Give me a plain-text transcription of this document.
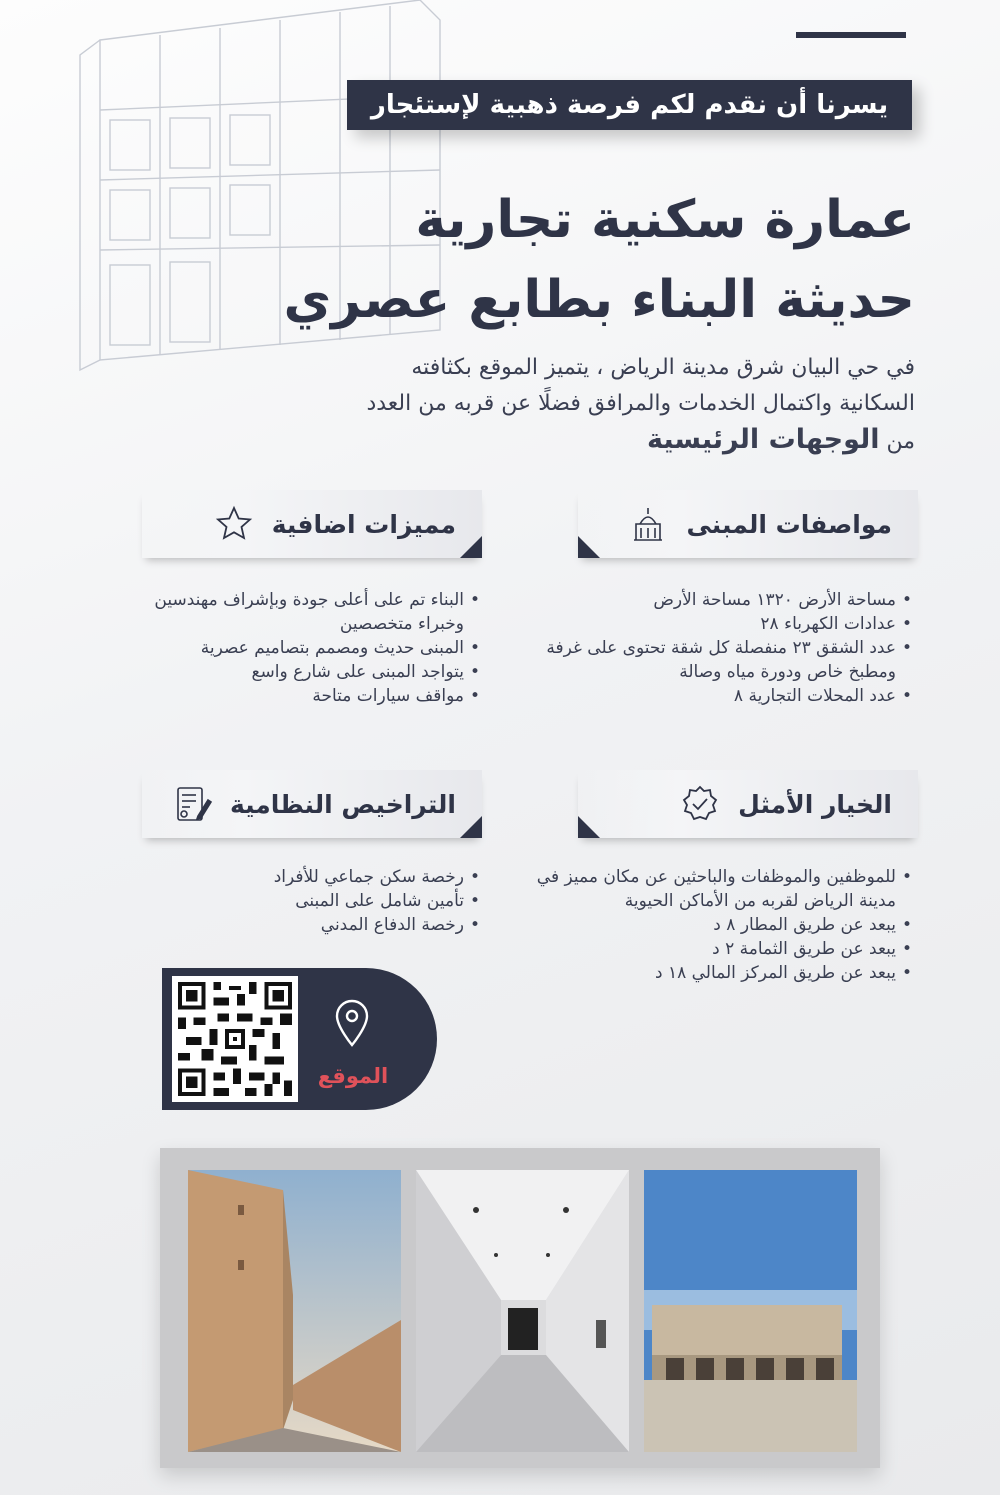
يسرنا أن نقدم لكم فرصة ذهبية لإستئجار
عمارة سكنية تجارية
حديثة البناء بطابع عصري
في حي البيان شرق مدينة الرياض ، يتميز الموقع بكثافته
السكانية واكتمال الخدمات والمرافق فضلًا عن قربه من العدد
من الوجهات الرئيسية
مواصفات المبنى
• مساحة الأرض ١٣٢٠ مساحة الأرض
• عدادات الكهرباء ٢٨
• عدد الشقق ٢٣ منفصلة كل شقة تحتوى على غرفة ومطبخ خاص ودورة مياه وصالة
• عدد المحلات التجارية ٨
مميزات اضافية
• البناء تم على أعلى جودة وبإشراف مهندسين وخبراء متخصصين
• المبنى حديث ومصمم بتصاميم عصرية
• يتواجد المبنى على شارع واسع
• مواقف سيارات متاحة
الخيار الأمثل
• للموظفين والموظفات والباحثين عن مكان مميز في مدينة الرياض لقربه من الأماكن الحيوية
• يبعد عن طريق المطار ٨ د
• يبعد عن طريق الثمامة ٢ د
• يبعد عن طريق المركز المالي ١٨ د
التراخيص النظامية
• رخصة سكن جماعي للأفراد
• تأمين شامل على المبنى
• رخصة الدفاع المدني
الموقع
